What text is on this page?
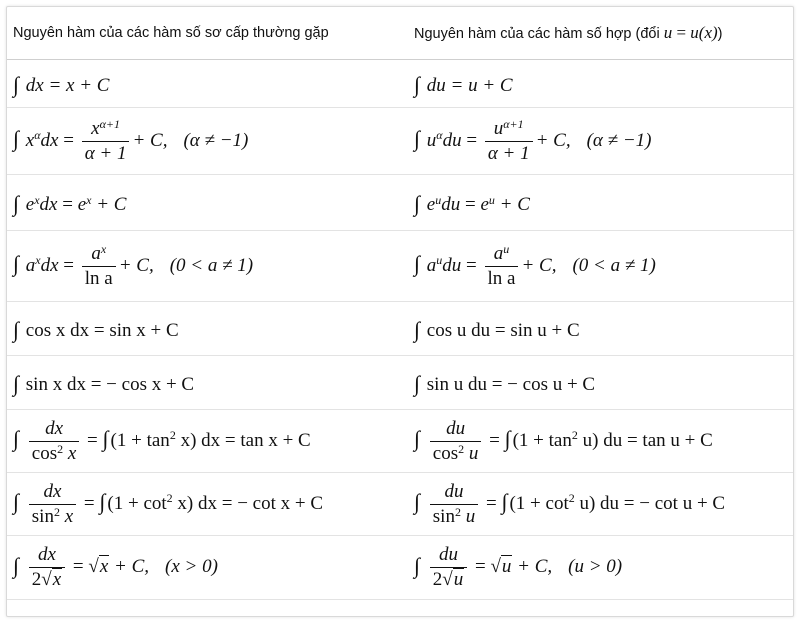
Nguyên hàm của các hàm số sơ cấp thường gặp	Nguyên hàm của các hàm số hợp (đổi u = u(x))
∫ dx = x + C	∫ du = u + C
∫ $x^\alpha dx = \frac{x^{\alpha+1}}{\alpha + 1} + C$, (α ≠ −1)	∫ $u^\alpha du = \frac{u^{\alpha+1}}{\alpha + 1} + C$, (α ≠ −1)
∫ $e^xdx = e^x + C$	∫ $e^udu = e^u + C$
∫ $a^xdx = \frac{a^x}{\text{ln a}} + C$, (0 < a ≠ 1)	∫ $a^udu = \frac{a^u}{\text{ln a}} + C$, (0 < a ≠ 1)
∫ cos x dx = sin x + C	∫ cos u du = sin u + C
∫ sin x dx = − cos x + C	∫ sin u du = − cos u + C
∫ $\frac{dx}{\cos^2 x}$ = ∫ $(1 + \tan^2 x)$ dx = tan x + C	∫ $\frac{du}{\cos^2 u}$ = ∫ $(1 + \tan^2 u)$ du = tan u + C
∫ $\frac{dx}{\sin^2 x}$ = ∫ $(1 + \cot^2 x)$ dx = − cot x + C	∫ $\frac{du}{\sin^2 u}$ = ∫ $(1 + \cot^2 u)$ du = − cot u + C
∫ $\frac{dx}{2√x} = √x + C$, (x > 0)	∫ $\frac{du}{2√u} = √u + C$, (u > 0)
